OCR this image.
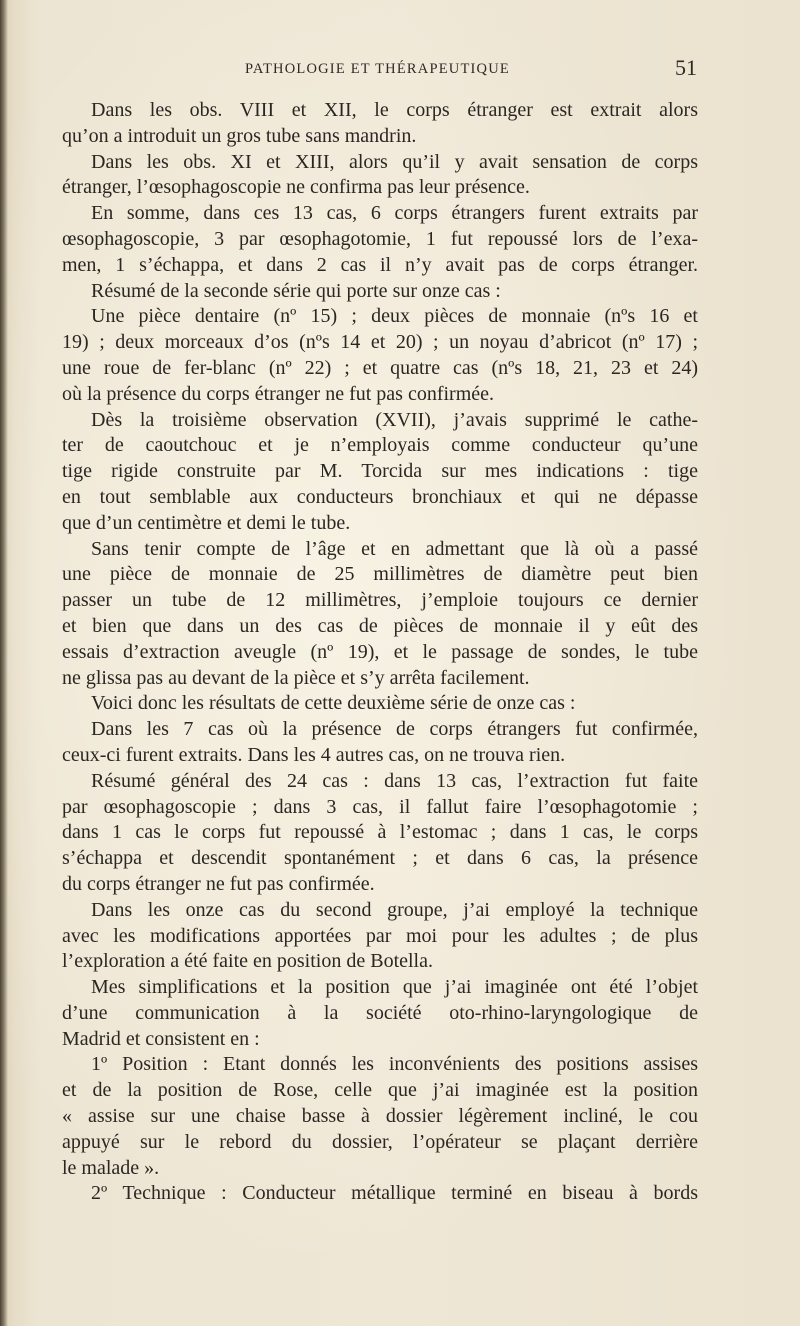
PATHOLOGIE ET THÉRAPEUTIQUE	51
Dans les obs. VIII et XII, le corps étranger est extrait alors
qu’on a introduit un gros tube sans mandrin.
Dans les obs. XI et XIII, alors qu’il y avait sensation de corps
étranger, l’œsophagoscopie ne confirma pas leur présence.
En somme, dans ces 13 cas, 6 corps étrangers furent extraits par
œsophagoscopie, 3 par œsophagotomie, 1 fut repoussé lors de l’exa-
men, 1 s’échappa, et dans 2 cas il n’y avait pas de corps étranger.
Résumé de la seconde série qui porte sur onze cas :
Une pièce dentaire (nº 15) ; deux pièces de monnaie (nºs 16 et
19) ; deux morceaux d’os (nºs 14 et 20) ; un noyau d’abricot (nº 17) ;
une roue de fer-blanc (nº 22) ; et quatre cas (nºs 18, 21, 23 et 24)
où la présence du corps étranger ne fut pas confirmée.
Dès la troisième observation (XVII), j’avais supprimé le cathe-
ter de caoutchouc et je n’employais comme conducteur qu’une
tige rigide construite par M. Torcida sur mes indications : tige
en tout semblable aux conducteurs bronchiaux et qui ne dépasse
que d’un centimètre et demi le tube.
Sans tenir compte de l’âge et en admettant que là où a passé
une pièce de monnaie de 25 millimètres de diamètre peut bien
passer un tube de 12 millimètres, j’emploie toujours ce dernier
et bien que dans un des cas de pièces de monnaie il y eût des
essais d’extraction aveugle (nº 19), et le passage de sondes, le tube
ne glissa pas au devant de la pièce et s’y arrêta facilement.
Voici donc les résultats de cette deuxième série de onze cas :
Dans les 7 cas où la présence de corps étrangers fut confirmée,
ceux-ci furent extraits. Dans les 4 autres cas, on ne trouva rien.
Résumé général des 24 cas : dans 13 cas, l’extraction fut faite
par œsophagoscopie ; dans 3 cas, il fallut faire l’œsophagotomie ;
dans 1 cas le corps fut repoussé à l’estomac ; dans 1 cas, le corps
s’échappa et descendit spontanément ; et dans 6 cas, la présence
du corps étranger ne fut pas confirmée.
Dans les onze cas du second groupe, j’ai employé la technique
avec les modifications apportées par moi pour les adultes ; de plus
l’exploration a été faite en position de Botella.
Mes simplifications et la position que j’ai imaginée ont été l’objet
d’une communication à la société oto-rhino-laryngologique de
Madrid et consistent en :
1º Position : Etant donnés les inconvénients des positions assises
et de la position de Rose, celle que j’ai imaginée est la position
« assise sur une chaise basse à dossier légèrement incliné, le cou
appuyé sur le rebord du dossier, l’opérateur se plaçant derrière
le malade ».
2º Technique : Conducteur métallique terminé en biseau à bords
